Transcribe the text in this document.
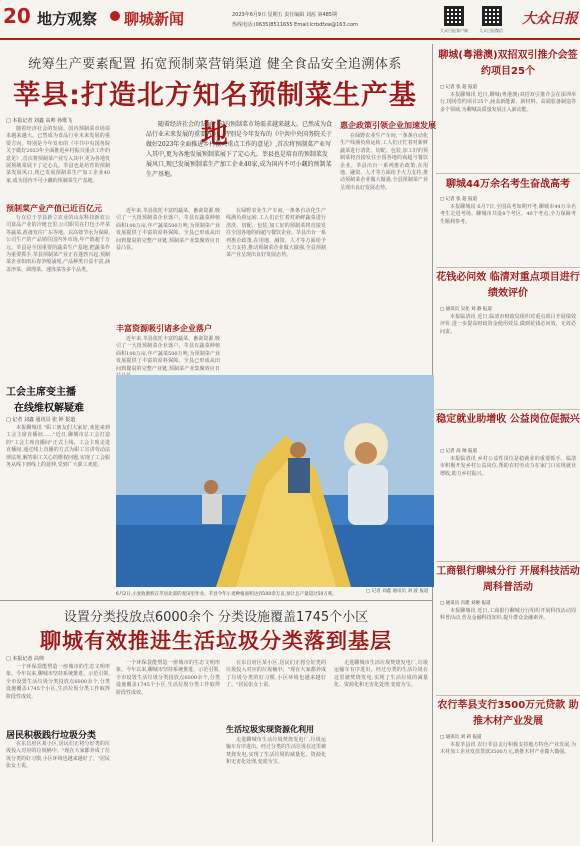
20 地方观察 聊城新闻	2023年6月9日 星期五 责任编辑 刘茜 第485期
热线电话:(0635)8511655 Email:lcrbdfxw@163.com
大众日报客户端	大众日报微信
大众日报
统筹生产要素配置 拓宽预制菜营销渠道 健全食品安全追溯体系
莘县:打造北方知名预制菜生产基地
□ 本报记者 刘鑫 高帅 孙歌飞
随着经济社会的发展、国内预制菜市场需求越来越大。已然成为食品行业未来发展的重要方向。特别是今年发布的《中共中央国务院关于做好2023年全面推进乡村振兴重点工作的意见》,首次将预制菜产业写入其中,更为各地发展预制菜展下了定心丸。莘县也是培育的预制菜发展风口,现已发展预制菜生产加工企业40家,成为国内不可小觑的预制菜生产基地。
随着经济社会的发展、国内预制菜市场需求越来越大。已然成为食品行业未来发展的重要方向。特别是今年发布的《中共中央国务院关于做好2023年全面推进乡村振兴重点工作的意见》,首次将预制菜产业写入其中,更为各地发展预制菜展下了定心丸。莘县也是培育的预制菜发展风口,现已发展预制菜生产加工企业40家,成为国内不可小觑的预制菜生产基地。
预制菜产业产值已近百亿元
行在位于莘县新立农业的山东科技新农公司食品产业的冷链仓里,公司职员在打包小芹菜等蔬菜,准备发往广东等地。以高效节水为保障,公司生产的产品销往国内外市场,年产值超千万元。莘县是全国重要的蔬菜生产基地,把蔬菜作为重要抓手,莘县预制菜产业正在蓬勃兴起,预制菜企业如雨后春笋般涌现,产品种类日益丰富,涵盖净菜、调理菜、速冻菜等多个品类。
近年来,莘县依托丰富的蔬菜、畜禽资源,吸引了一大批预制菜企业落户。莘县有蔬菜种植面积100万亩,年产蔬菜500万吨,为预制菜产业发展提供了丰富的原料保障。全县已形成从田间到餐桌的完整产业链,预制菜产业集聚效应日益凸显。
丰富资源吸引诸多企业落户
近年来,莘县依托丰富的蔬菜、畜禽资源,吸引了一大批预制菜企业落户。莘县有蔬菜种植面积100万亩,年产蔬菜500万吨,为预制菜产业发展提供了丰富的原料保障。全县已形成从田间到餐桌的完整产业链,预制菜产业集聚效应日
在绿野农业生产车间,一条条自动化生产线满负荷运转,工人们正忙着对新鲜蔬菜进行清洗、切配、包装,加工好的预制菜将直接发往全国各地的商超与餐饮企业。莘县出台一系列惠企政策,在用地、融资、人才等方面给予大力支持,推动预制菜企业做大做强,全县预制菜产业呈现出良好发展态势。
惠企政策引领企业加速发展
在绿野农业生产车间,一条条自动化生产线满负荷运转,工人们正忙着对新鲜蔬菜进行清洗、切配、包装,加工好的预制菜将直接发往全国各地的商超与餐饮企业。莘县出台一系列惠企政策,在用地、融资、人才等方面给予大力支持,推动预制菜企业做大做强,全县预制菜产业呈现出良好发展态势。
工会主席变主播
在线维权解疑难
□ 记者 刘鑫 通讯员 张 婷 报道
本报聊城讯 "职工朋友们大家好,欢迎来到工会主席直播间……"近日,聊城市总工会打造的"工会主席直播间"正式上线。工会主席走进直播间,通过线上直播的方式为职工宣讲劳动法律法规,解答职工关心的维权问题,实现了工会服务从线下到线上的延伸,受到广大职工欢迎。
6月2日,小麦收割机在莘县北部的麦田里作业。莘县今年小麦种植面积达到100余万亩,预计总产量超过50万吨。
□ 记者 刘鑫 通讯员 刘 波 报道
设置分类投放点6000余个 分类设施覆盖1745个小区
聊城有效推进生活垃圾分类落到基层
□ 本报记者 高帅
一个环保袋能塑造一座城市的生态文明形象。今年以来,聊城市坚持系统推进、示范引领,全市设置生活垃圾分类投放点6000余个,分类设施覆盖1745个小区,生活垃圾分类工作取得阶段性成效。
居民积极践行垃圾分类
在东昌府区某小区,居民们正将分好类的垃圾投入对应的垃圾桶中。"现在大家都养成了垃圾分类的好习惯,小区环境也越来越好了。"居民张女士说。
一个环保袋能塑造一座城市的生态文明形象。今年以来,聊城市坚持系统推进、示范引领,全市设置生活垃圾分类投放点6000余个,分类设施覆盖1745个小区,生活垃圾分类工作取得阶段性成效。
在东昌府区某小区,居民们正将分好类的垃圾投入对应的垃圾桶中。"现在大家都养成了垃圾分类的好习惯,小区环境也越来越好了。"居民张女士说。
生活垃圾实现资源化利用
走进聊城市生活垃圾焚烧发电厂,垃圾运输车有序进出。经过分类的生活垃圾在这里被焚烧发电,实现了生活垃圾的减量化、资源化和无害化处理,变废为宝。
走进聊城市生活垃圾焚烧发电厂,垃圾运输车有序进出。经过分类的生活垃圾在这里被焚烧发电,实现了生活垃圾的减量化、资源化和无害化处理,变废为宝。
聊城(粤港澳)双招双引推介会签约项目25个
□ 记者 张 超 报道
本报聊城讯 近日,聊城(粤港澳)双招双引推介会在深圳举行,现场签约项目25个,涵盖新能源、新材料、高端装备制造等多个领域,为聊城高质量发展注入新动能。
聊城44万余名考生奋战高考
□ 记者 张 超 报道
本报聊城讯 6月7日,全国高考如期开考,聊城市44万余名考生走进考场。聊城市共设8个考区、40个考点,全力保障考生顺利参考。
花钱必问效 临清对重点项目进行绩效评价
□ 通讯员 吴化 刘 静 报道
本报临清讯 近日,临清市财政局组织对重点项目开展绩效评价,进一步提高财政资金使用效益,做到花钱必问效、无效必问责。
稳定就业助增收 公益岗位促振兴
□ 记者 高 帅 报道
本报临清讯 乡村公益性岗位是稳就业的重要抓手。临清市积极开发乡村公益岗位,帮助农村劳动力在家门口实现就业增收,助力乡村振兴。
工商银行聊城分行 开展科技活动周科普活动
□ 通讯员 冯建 刘俊 报道
本报聊城讯 近日,工商银行聊城分行组织开展科技活动周科普活动,普及金融科技知识,提升群众金融素养。
农行莘县支行3500万元贷款 助推木材产业发展
□ 通讯员 刘 莉 报道
本报莘县讯 农行莘县支行积极支持地方特色产业发展,为木材加工企业发放贷款3500万元,助推木材产业做大做强。
